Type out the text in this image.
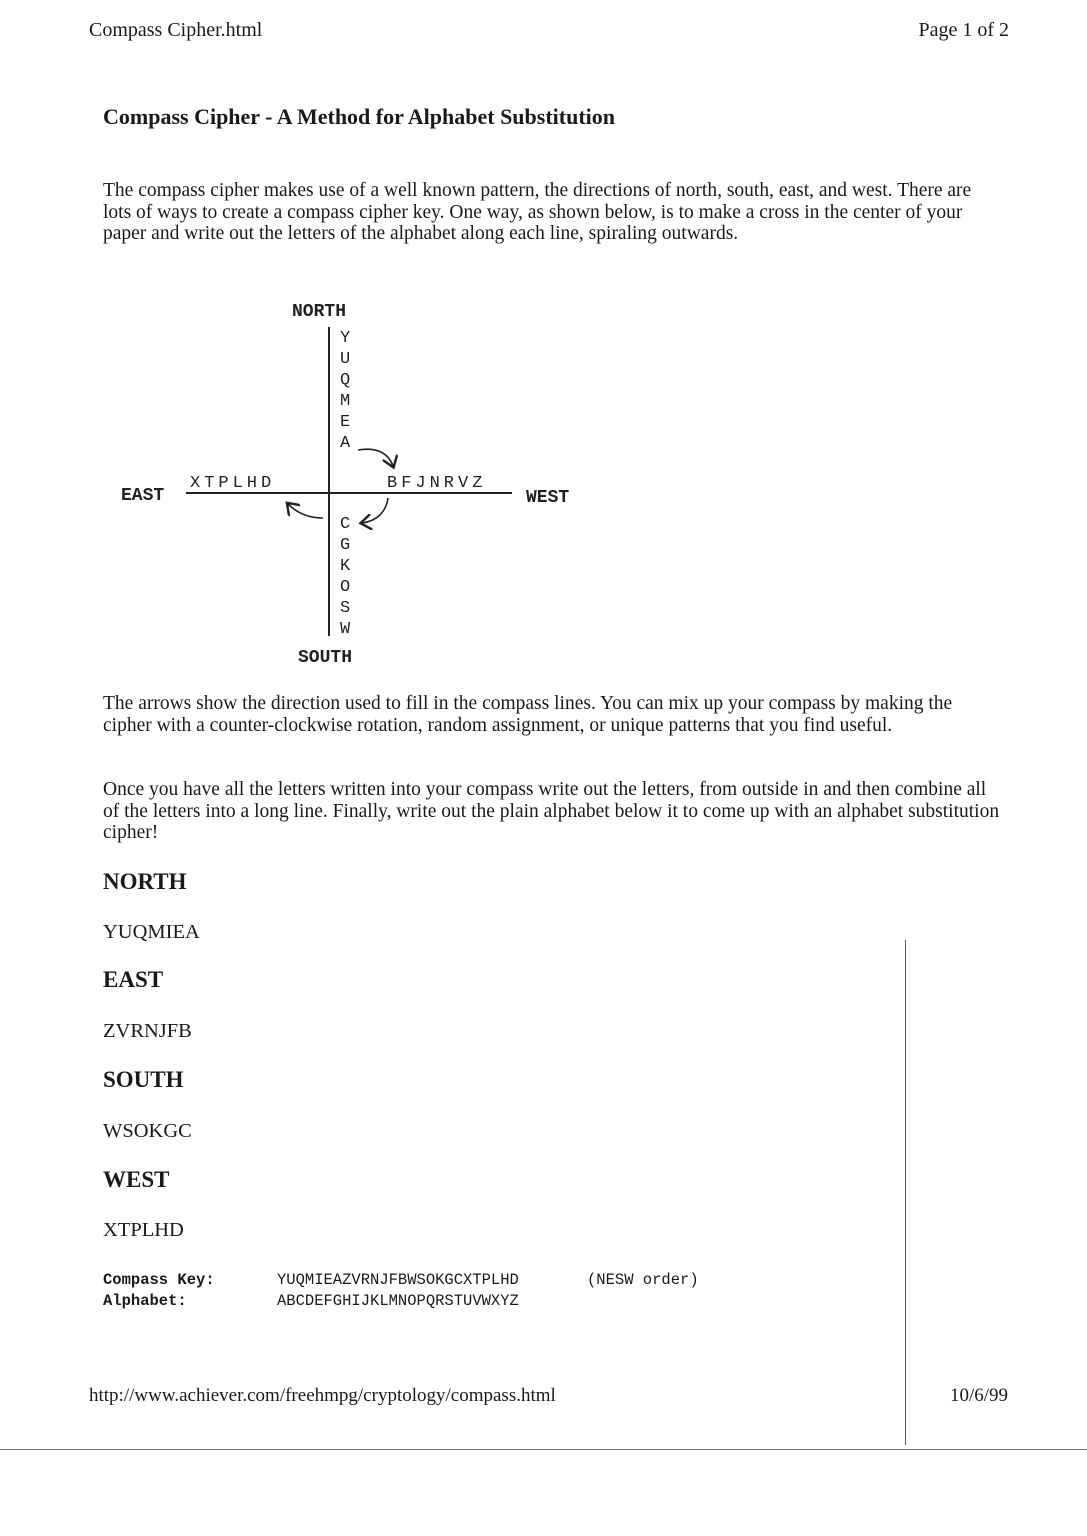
Compass Cipher.html	Page 1 of 2
Compass Cipher - A Method for Alphabet Substitution
The compass cipher makes use of a well known pattern, the directions of north, south, east, and west. There are lots of ways to create a compass cipher key. One way, as shown below, is to make a cross in the center of your paper and write out the letters of the alphabet along each line, spiraling outwards.
NORTH
SOUTH
EAST	WEST
Y
U
Q
M
E
A
C
G
K
O
S
W
XTPLHD	BFJNRVZ
The arrows show the direction used to fill in the compass lines. You can mix up your compass by making the cipher with a counter-clockwise rotation, random assignment, or unique patterns that you find useful.
Once you have all the letters written into your compass write out the letters, from outside in and then combine all of the letters into a long line. Finally, write out the plain alphabet below it to come up with an alphabet substitution cipher!
NORTH
YUQMIEA
EAST
ZVRNJFB
SOUTH
WSOKGC
WEST
XTPLHD
Compass Key:	YUQMIEAZVRNJFBWSOKGCXTPLHD	(NESW order)
Alphabet:	ABCDEFGHIJKLMNOPQRSTUVWXYZ
http://www.achiever.com/freehmpg/cryptology/compass.html	10/6/99
